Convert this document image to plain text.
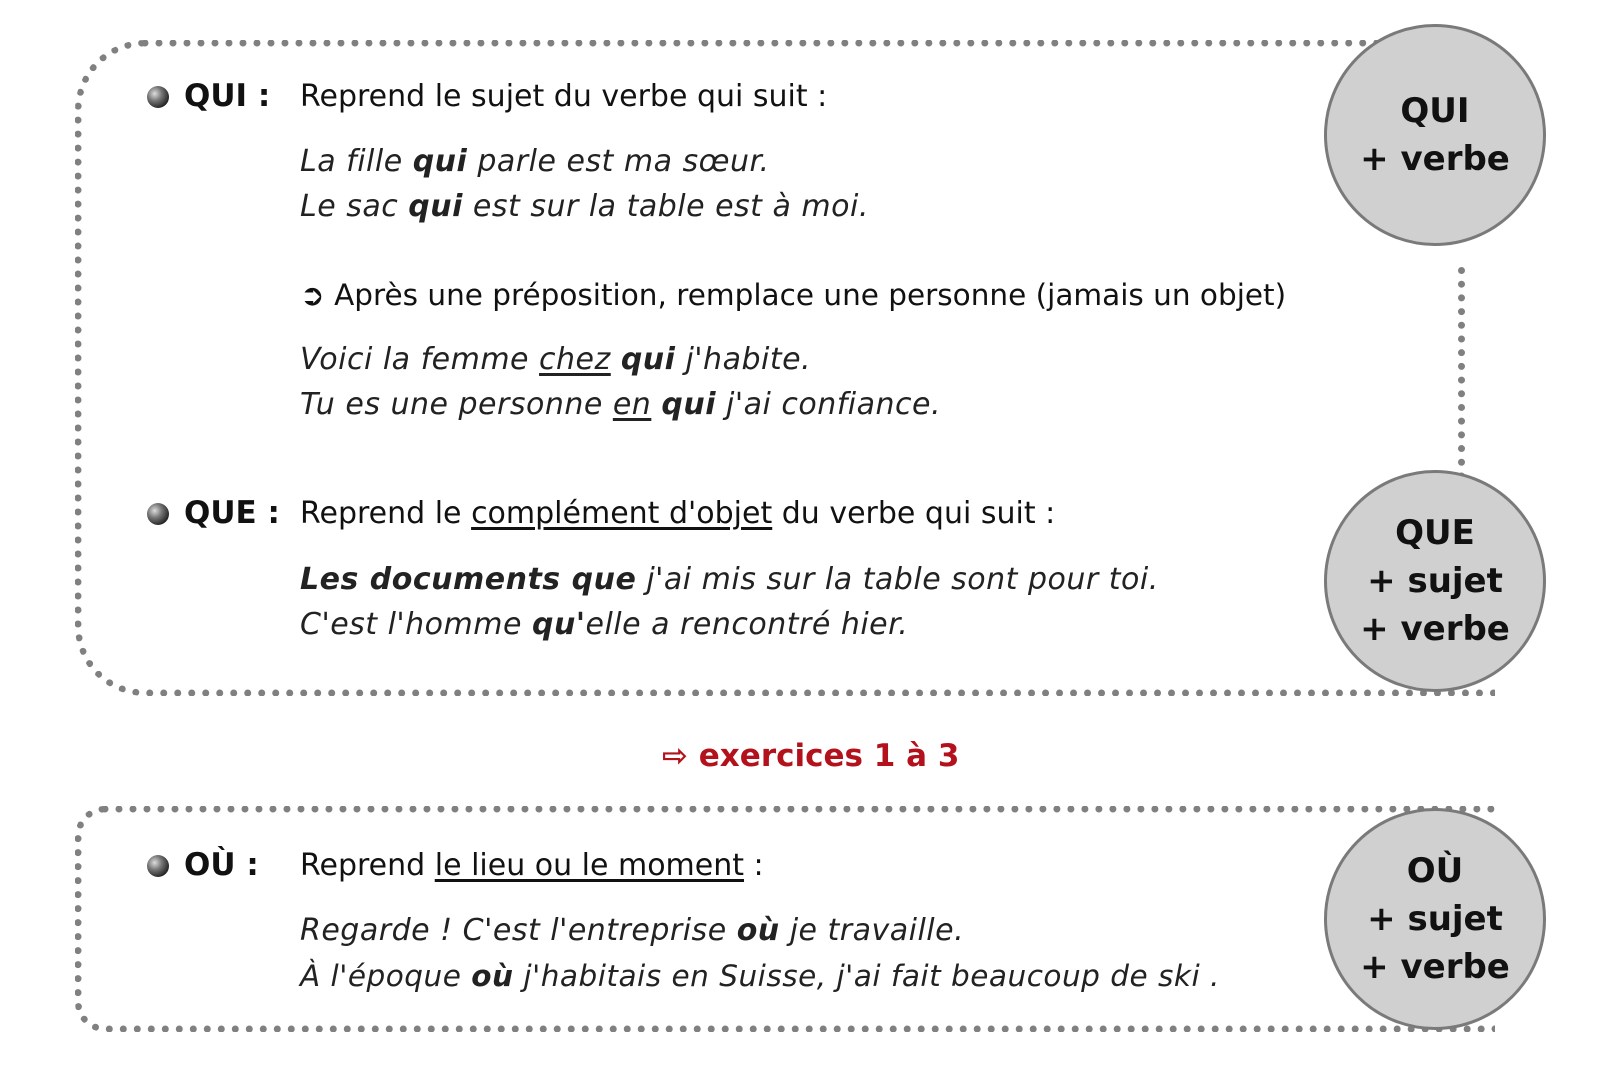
QUI : Reprend le sujet du verbe qui suit :
La fille qui parle est ma sœur.
Le sac qui est sur la table est à moi.
➲ Après une préposition, remplace une personne (jamais un objet)
Voici la femme chez qui j'habite.
Tu es une personne en qui j'ai confiance.
QUE : Reprend le complément d'objet du verbe qui suit :
Les documents que j'ai mis sur la table sont pour toi.
C'est l'homme qu'elle a rencontré hier.
⇨ exercices 1 à 3
OÙ : Reprend le lieu ou le moment :
Regarde ! C'est l'entreprise où je travaille.
À l'époque où j'habitais en Suisse, j'ai fait beaucoup de ski .
QUI
+ verbe
QUE
+ sujet
+ verbe
OÙ
+ sujet
+ verbe
